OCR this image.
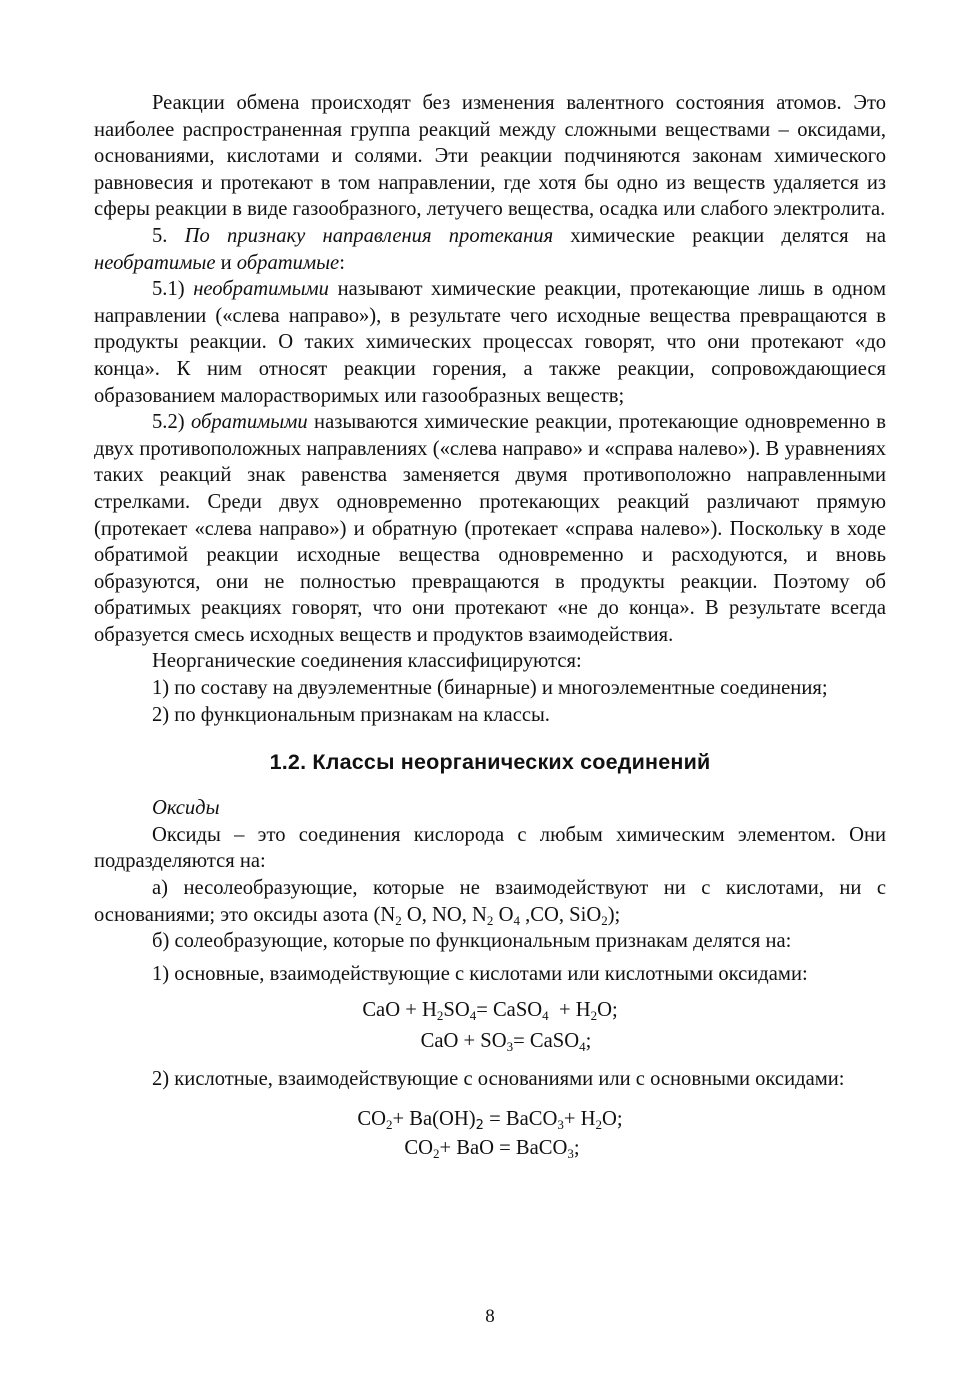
Реакции обмена происходят без изменения валентного состояния атомов. Это наиболее распространенная группа реакций между сложными веществами – оксидами, основаниями, кислотами и солями. Эти реакции подчиняются законам химического равновесия и протекают в том направлении, где хотя бы одно из веществ удаляется из сферы реакции в виде газообразного, летучего вещества, осадка или слабого электролита.

5. По признаку направления протекания химические реакции делятся на необратимые и обратимые:

5.1) необратимыми называют химические реакции, протекающие лишь в одном направлении («слева направо»), в результате чего исходные вещества превращаются в продукты реакции. О таких химических процессах говорят, что они протекают «до конца». К ним относят реакции горения, а также реакции, сопровождающиеся образованием малорастворимых или газообразных веществ;

5.2) обратимыми называются химические реакции, протекающие одновременно в двух противоположных направлениях («слева направо» и «справа налево»). В уравнениях таких реакций знак равенства заменяется двумя противоположно направленными стрелками. Среди двух одновременно протекающих реакций различают прямую (протекает «слева направо») и обратную (протекает «справа налево»). Поскольку в ходе обратимой реакции исходные вещества одновременно и расходуются, и вновь образуются, они не полностью превращаются в продукты реакции. Поэтому об обратимых реакциях говорят, что они протекают «не до конца». В результате всегда образуется смесь исходных веществ и продуктов взаимодействия.

Неорганические соединения классифицируются:

1) по составу на двуэлементные (бинарные) и многоэлементные соединения;

2) по функциональным признакам на классы.

1.2. Классы неорганических соединений

Оксиды

Оксиды – это соединения кислорода с любым химическим элементом. Они подразделяются на:

а) несолеобразующие, которые не взаимодействуют ни с кислотами, ни с основаниями; это оксиды азота ($N_2$ O, NO, $N_2$ $O_4$ ,CO, SiO$_2$);

б) солеобразующие, которые по функциональным признакам делятся на:

1) основные, взаимодействующие с кислотами или кислотными оксидами:

CaO + $H_2SO_4=$ CaSO$_4$  + $H_2O$;

CaO + $SO_3=$ CaSO$_4$;

2) кислотные, взаимодействующие с основаниями или с основными оксидами:

$CO_2+ Ba(OH)_2$ = BaCO$_3$+ $H_2O$;

$CO_2+$ BaO = BaCO$_3$;

8
